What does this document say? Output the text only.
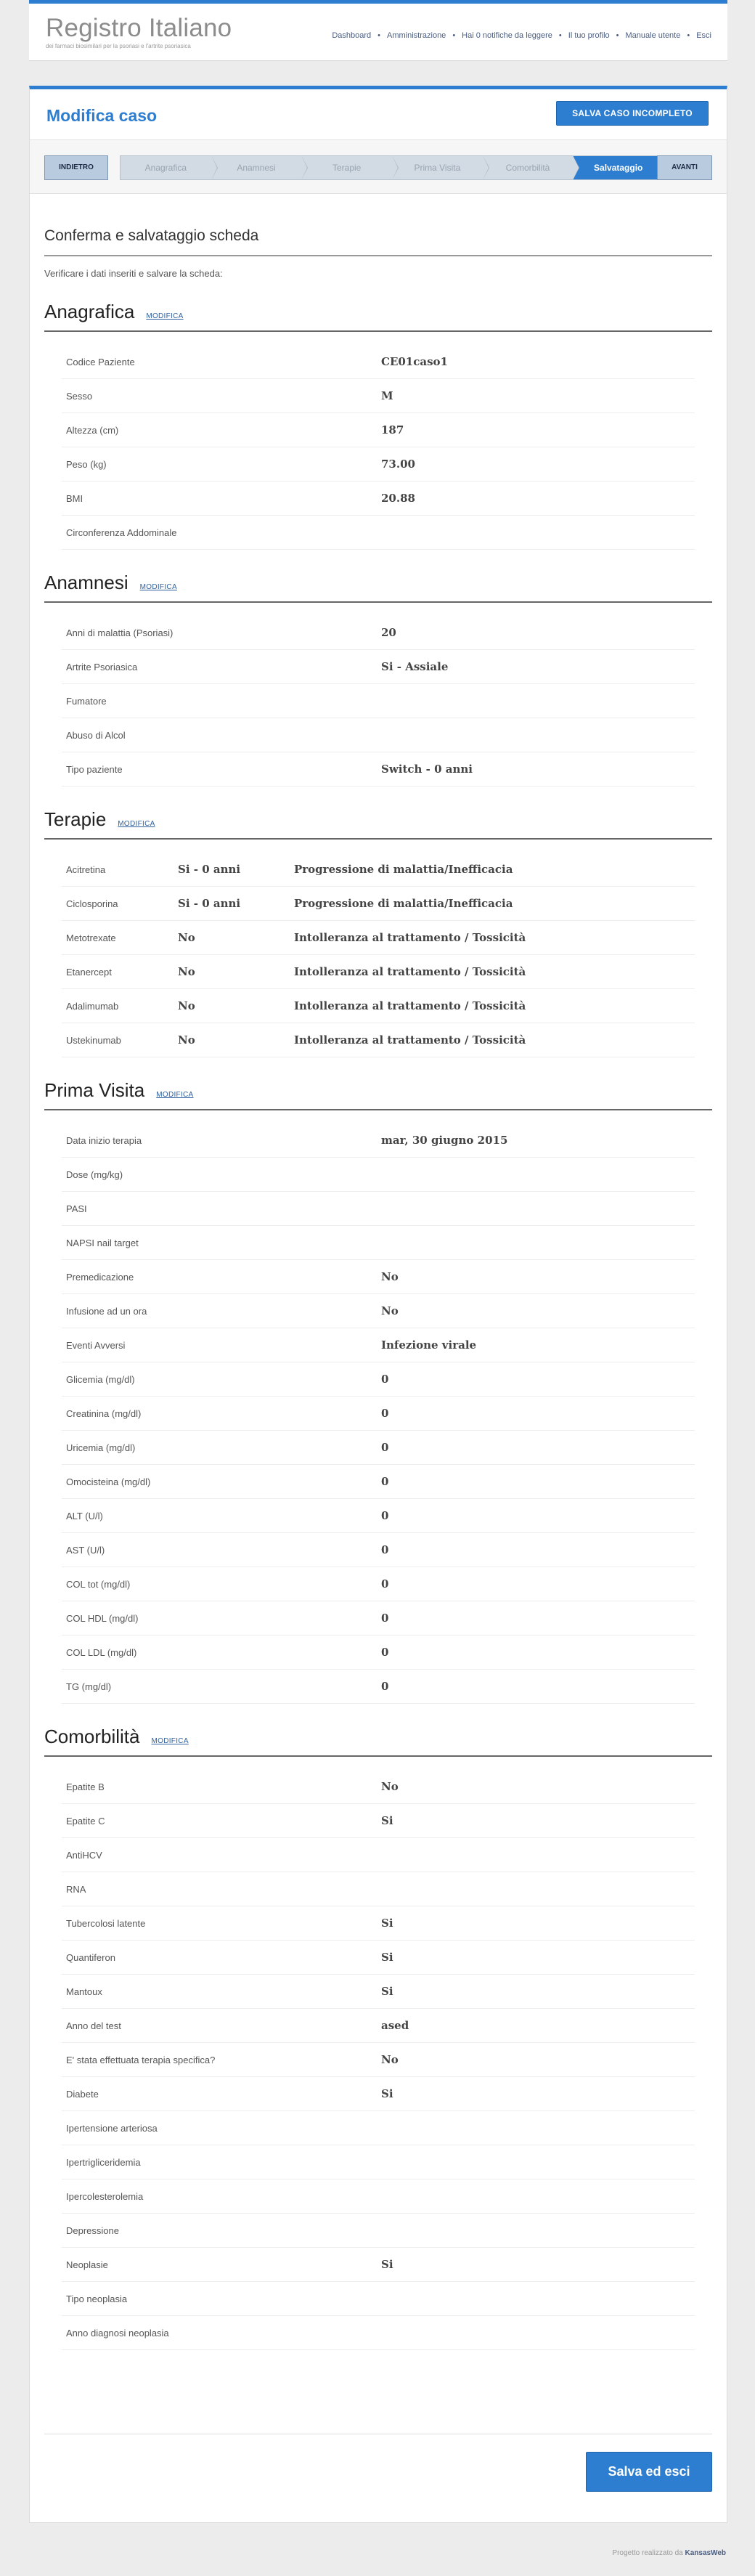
Registro Italiano
dei farmaci biosimilari per la psoriasi e l'artrite psoriasica
Dashboard	• Amministrazione	• Hai 0 notifiche da leggere	• Il tuo profilo	• Manuale utente	• Esci
Modifica caso	SALVA CASO INCOMPLETO
INDIETRO	Anagrafica	Anamnesi	Terapie	Prima Visita	Comorbilità	Salvataggio	AVANTI
Conferma e salvataggio scheda
Verificare i dati inseriti e salvare la scheda:
Anagrafica MODIFICA
Codice Paziente	CE01caso1
Sesso	M
Altezza (cm)	187
Peso (kg)	73.00
BMI	20.88
Circonferenza Addominale
Anamnesi MODIFICA
Anni di malattia (Psoriasi)	20
Artrite Psoriasica	Si - Assiale
Fumatore
Abuso di Alcol
Tipo paziente	Switch - 0 anni
Terapie MODIFICA
Acitretina	Si - 0 anni	Progressione di malattia/Inefficacia
Ciclosporina	Si - 0 anni	Progressione di malattia/Inefficacia
Metotrexate	No	Intolleranza al trattamento / Tossicità
Etanercept	No	Intolleranza al trattamento / Tossicità
Adalimumab	No	Intolleranza al trattamento / Tossicità
Ustekinumab	No	Intolleranza al trattamento / Tossicità
Prima Visita MODIFICA
Data inizio terapia	mar, 30 giugno 2015
Dose (mg/kg)
PASI
NAPSI nail target
Premedicazione	No
Infusione ad un ora	No
Eventi Avversi	Infezione virale
Glicemia (mg/dl)	0
Creatinina (mg/dl)	0
Uricemia (mg/dl)	0
Omocisteina (mg/dl)	0
ALT (U/l)	0
AST (U/l)	0
COL tot (mg/dl)	0
COL HDL (mg/dl)	0
COL LDL (mg/dl)	0
TG (mg/dl)	0
Comorbilità MODIFICA
Epatite B	No
Epatite C	Si
AntiHCV
RNA
Tubercolosi latente	Si
Quantiferon	Si
Mantoux	Si
Anno del test	ased
E' stata effettuata terapia specifica?	No
Diabete	Si
Ipertensione arteriosa
Ipertrigliceridemia
Ipercolesterolemia
Depressione
Neoplasie	Si
Tipo neoplasia
Anno diagnosi neoplasia
Salva ed esci
Progetto realizzato da KansasWeb
